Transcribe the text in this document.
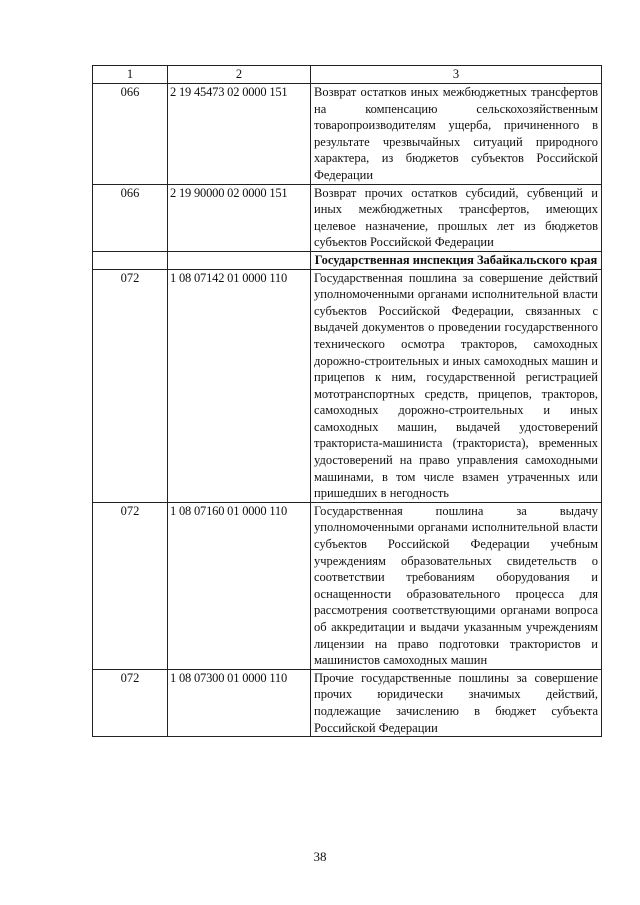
1	2	3
066	2 19 45473 02 0000 151	Возврат остатков иных межбюджетных трансфертов на компенсацию сельскохозяйственным товаропроизводителям ущерба, причиненного в результате чрезвычайных ситуаций природного характера, из бюджетов субъектов Российской Федерации
066	2 19 90000 02 0000 151	Возврат прочих остатков субсидий, субвенций и иных межбюджетных трансфертов, имеющих целевое назначение, прошлых лет из бюджетов субъектов Российской Федерации
		Государственная инспекция Забайкальского края
072	1 08 07142 01 0000 110	Государственная пошлина за совершение действий уполномоченными органами исполнительной власти субъектов Российской Федерации, связанных с выдачей документов о проведении государственного технического осмотра тракторов, самоходных дорожно-строительных и иных самоходных машин и прицепов к ним, государственной регистрацией мототранспортных средств, прицепов, тракторов, самоходных дорожно-строительных и иных самоходных машин, выдачей удостоверений тракториста-машиниста (тракториста), временных удостоверений на право управления самоходными машинами, в том числе взамен утраченных или пришедших в негодность
072	1 08 07160 01 0000 110	Государственная пошлина за выдачу уполномоченными органами исполнительной власти субъектов Российской Федерации учебным учреждениям образовательных свидетельств о соответствии требованиям оборудования и оснащенности образовательного процесса для рассмотрения соответствующими органами вопроса об аккредитации и выдачи указанным учреждениям лицензии на право подготовки трактористов и машинистов самоходных машин
072	1 08 07300 01 0000 110	Прочие государственные пошлины за совершение прочих юридически значимых действий, подлежащие зачислению в бюджет субъекта Российской Федерации
38
